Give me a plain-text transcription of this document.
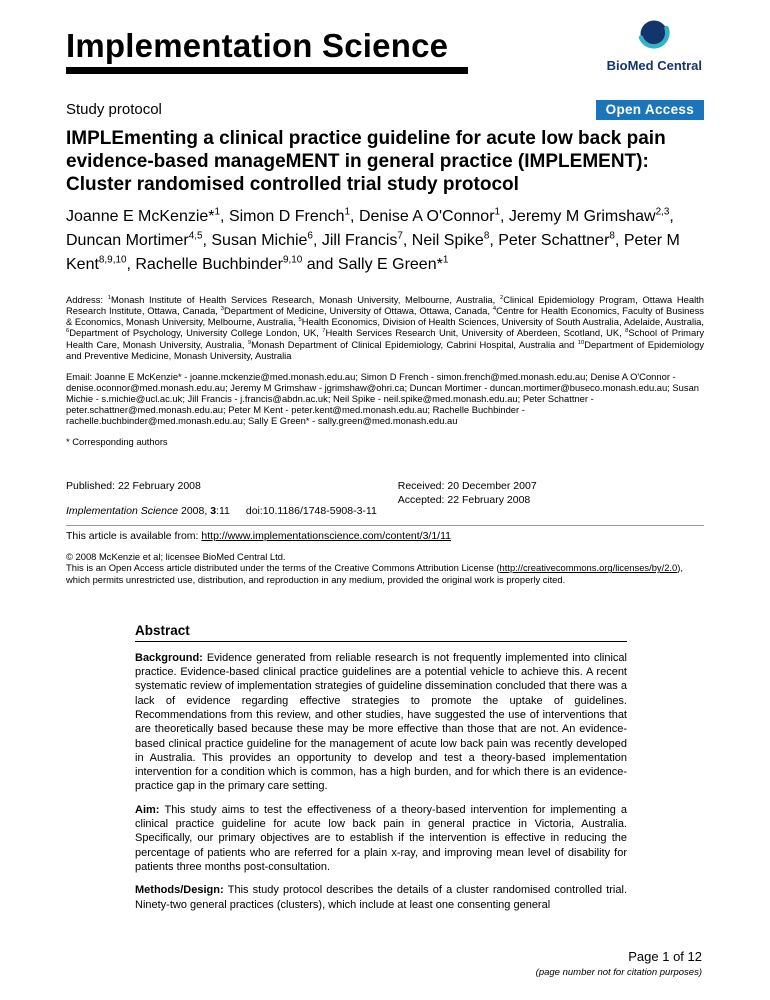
Implementation Science
BioMed Central
Study protocol	Open Access
IMPLEmenting a clinical practice guideline for acute low back pain evidence-based manageMENT in general practice (IMPLEMENT): Cluster randomised controlled trial study protocol
Joanne E McKenzie*$^1$, Simon D French$^1$, Denise A O'Connor$^1$, Jeremy M Grimshaw$^{2,3}$, Duncan Mortimer$^{4,5}$, Susan Michie$^6$, Jill Francis$^7$, Neil Spike$^8$, Peter Schattner$^8$, Peter M Kent$^{8,9,10}$, Rachelle Buchbinder$^{9,10}$ and Sally E Green*$^1$

Address: $^1$Monash Institute of Health Services Research, Monash University, Melbourne, Australia, $^2$Clinical Epidemiology Program, Ottawa Health Research Institute, Ottawa, Canada, $^3$Department of Medicine, University of Ottawa, Ottawa, Canada, $^4$Centre for Health Economics, Faculty of Business & Economics, Monash University, Melbourne, Australia, $^5$Health Economics, Division of Health Sciences, University of South Australia, Adelaide, Australia, $^6$Department of Psychology, University College London, UK, $^7$Health Services Research Unit, University of Aberdeen, Scotland, UK, $^8$School of Primary Health Care, Monash University, Australia, $^9$Monash Department of Clinical Epidemiology, Cabrini Hospital, Australia and $^{10}$Department of Epidemiology and Preventive Medicine, Monash University, Australia

Email: Joanne E McKenzie* - joanne.mckenzie@med.monash.edu.au; Simon D French - simon.french@med.monash.edu.au; Denise A O'Connor - denise.oconnor@med.monash.edu.au; Jeremy M Grimshaw - jgrimshaw@ohri.ca; Duncan Mortimer - duncan.mortimer@buseco.monash.edu.au; Susan Michie - s.michie@ucl.ac.uk; Jill Francis - j.francis@abdn.ac.uk; Neil Spike - neil.spike@med.monash.edu.au; Peter Schattner - peter.schattner@med.monash.edu.au; Peter M Kent - peter.kent@med.monash.edu.au; Rachelle Buchbinder - rachelle.buchbinder@med.monash.edu.au; Sally E Green* - sally.green@med.monash.edu.au

* Corresponding authors

Published: 22 February 2008
Implementation Science 2008, 3:11 doi:10.1186/1748-5908-3-11
Received: 20 December 2007
Accepted: 22 February 2008

This article is available from: http://www.implementationscience.com/content/3/1/11

© 2008 McKenzie et al; licensee BioMed Central Ltd.

This is an Open Access article distributed under the terms of the Creative Commons Attribution License (http://creativecommons.org/licenses/by/2.0), which permits unrestricted use, distribution, and reproduction in any medium, provided the original work is properly cited.

Abstract

Background: Evidence generated from reliable research is not frequently implemented into clinical practice. Evidence-based clinical practice guidelines are a potential vehicle to achieve this. A recent systematic review of implementation strategies of guideline dissemination concluded that there was a lack of evidence regarding effective strategies to promote the uptake of guidelines. Recommendations from this review, and other studies, have suggested the use of interventions that are theoretically based because these may be more effective than those that are not. An evidence-based clinical practice guideline for the management of acute low back pain was recently developed in Australia. This provides an opportunity to develop and test a theory-based implementation intervention for a condition which is common, has a high burden, and for which there is an evidence-practice gap in the primary care setting.

Aim: This study aims to test the effectiveness of a theory-based intervention for implementing a clinical practice guideline for acute low back pain in general practice in Victoria, Australia. Specifically, our primary objectives are to establish if the intervention is effective in reducing the percentage of patients who are referred for a plain x-ray, and improving mean level of disability for patients three months post-consultation.

Methods/Design: This study protocol describes the details of a cluster randomised controlled trial. Ninety-two general practices (clusters), which include at least one consenting general

Page 1 of 12
(page number not for citation purposes)
